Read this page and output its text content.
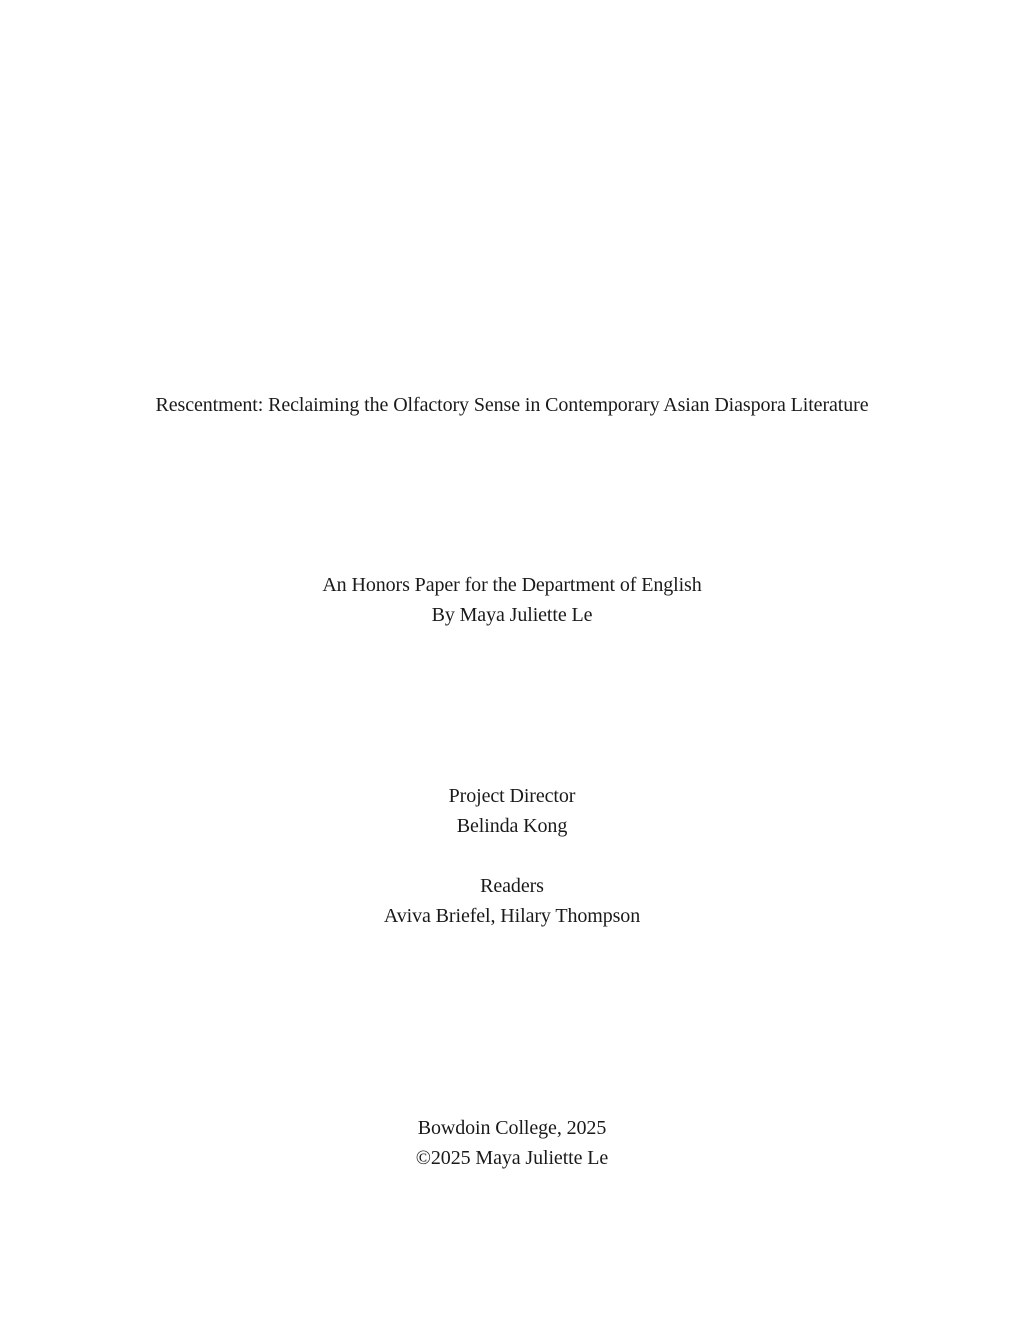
Rescentment: Reclaiming the Olfactory Sense in Contemporary Asian Diaspora Literature
An Honors Paper for the Department of English
By Maya Juliette Le
Project Director
Belinda Kong
Readers
Aviva Briefel, Hilary Thompson
Bowdoin College, 2025
©2025 Maya Juliette Le
